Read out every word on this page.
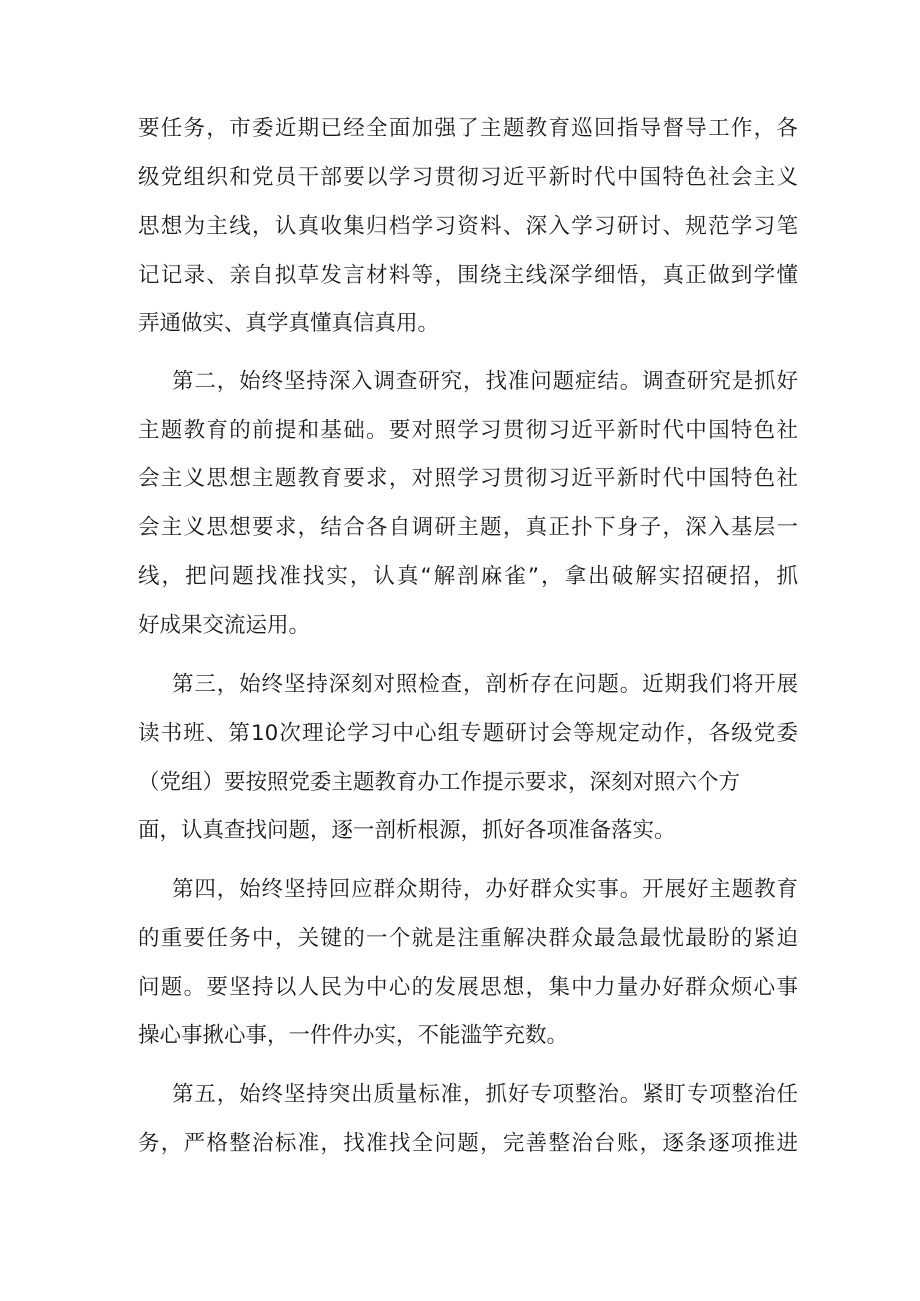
要任务，市委近期已经全面加强了主题教育巡回指导督导工作，各
级党组织和党员干部要以学习贯彻习近平新时代中国特色社会主义
思想为主线，认真收集归档学习资料、深入学习研讨、规范学习笔
记记录、亲自拟草发言材料等，围绕主线深学细悟，真正做到学懂
弄通做实、真学真懂真信真用。
第二，始终坚持深入调查研究，找准问题症结。调查研究是抓好
主题教育的前提和基础。要对照学习贯彻习近平新时代中国特色社
会主义思想主题教育要求，对照学习贯彻习近平新时代中国特色社
会主义思想要求，结合各自调研主题，真正扑下身子，深入基层一
线，把问题找准找实，认真“解剖麻雀”，拿出破解实招硬招，抓
好成果交流运用。
第三，始终坚持深刻对照检查，剖析存在问题。近期我们将开展
读书班、第10次理论学习中心组专题研讨会等规定动作，各级党委
（党组）要按照党委主题教育办工作提示要求，深刻对照六个方
面，认真查找问题，逐一剖析根源，抓好各项准备落实。
第四，始终坚持回应群众期待，办好群众实事。开展好主题教育
的重要任务中，关键的一个就是注重解决群众最急最忧最盼的紧迫
问题。要坚持以人民为中心的发展思想，集中力量办好群众烦心事
操心事揪心事，一件件办实，不能滥竽充数。
第五，始终坚持突出质量标准，抓好专项整治。紧盯专项整治任
务，严格整治标准，找准找全问题，完善整治台账，逐条逐项推进
